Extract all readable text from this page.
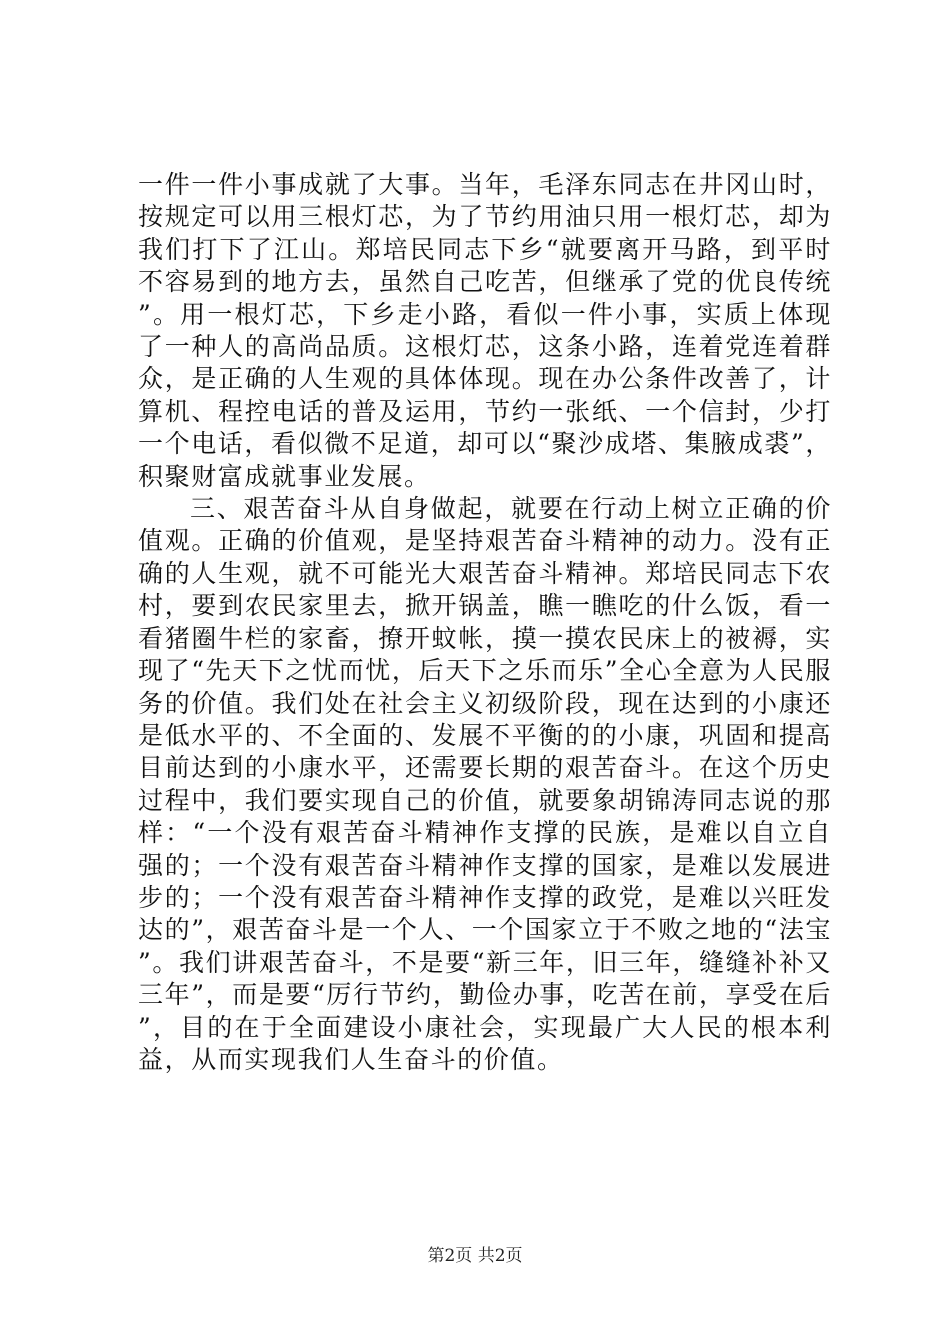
一件一件小事成就了大事。当年，毛泽东同志在井冈山时，按规定可以用三根灯芯，为了节约用油只用一根灯芯，却为我们打下了江山。郑培民同志下乡“就要离开马路，到平时不容易到的地方去，虽然自己吃苦，但继承了党的优良传统”。用一根灯芯，下乡走小路，看似一件小事，实质上体现了一种人的高尚品质。这根灯芯，这条小路，连着党连着群众，是正确的人生观的具体体现。现在办公条件改善了，计算机、程控电话的普及运用，节约一张纸、一个信封，少打一个电话，看似微不足道，却可以“聚沙成塔、集腋成裘”，积聚财富成就事业发展。

三、艰苦奋斗从自身做起，就要在行动上树立正确的价值观。正确的价值观，是坚持艰苦奋斗精神的动力。没有正确的人生观，就不可能光大艰苦奋斗精神。郑培民同志下农村，要到农民家里去，掀开锅盖，瞧一瞧吃的什么饭，看一看猪圈牛栏的家畜，撩开蚊帐，摸一摸农民床上的被褥，实现了“先天下之忧而忧，后天下之乐而乐”全心全意为人民服务的价值。我们处在社会主义初级阶段，现在达到的小康还是低水平的、不全面的、发展不平衡的的小康，巩固和提高目前达到的小康水平，还需要长期的艰苦奋斗。在这个历史过程中，我们要实现自己的价值，就要象胡锦涛同志说的那样：“一个没有艰苦奋斗精神作支撑的民族，是难以自立自强的；一个没有艰苦奋斗精神作支撑的国家，是难以发展进步的；一个没有艰苦奋斗精神作支撑的政党，是难以兴旺发达的”，艰苦奋斗是一个人、一个国家立于不败之地的“法宝”。我们讲艰苦奋斗，不是要“新三年，旧三年，缝缝补补又三年”，而是要“厉行节约，勤俭办事，吃苦在前，享受在后”，目的在于全面建设小康社会，实现最广大人民的根本利益，从而实现我们人生奋斗的价值。

第2页 共2页
